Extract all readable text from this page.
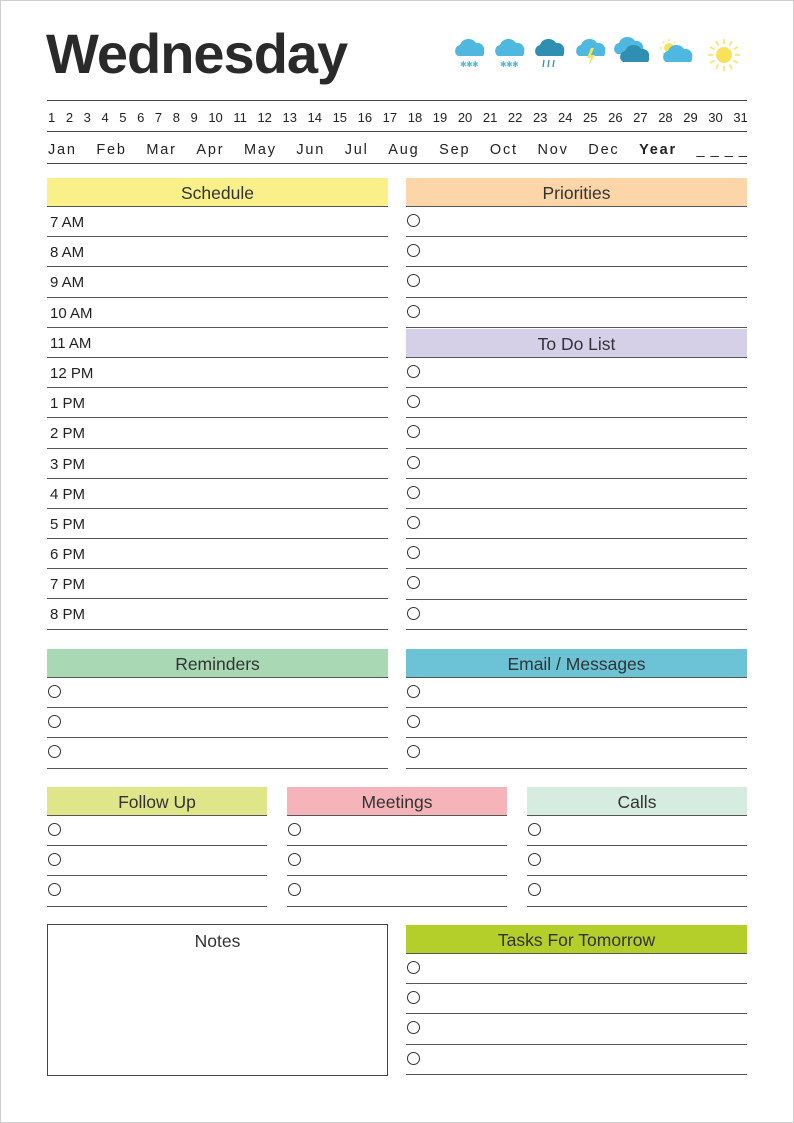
Wednesday	✱ ✱ ✱	✱ ✱ ✱
1 2 3 4 5 6 7 8 9 10 11 12 13 14 15 16 17 18 19 20 21 22 23 24 25 26 27 28 29 30 31
Jan Feb Mar Apr May Jun Jul Aug Sep Oct Nov Dec Year _ _ _ _
Schedule
7 AM
8 AM
9 AM
10 AM
11 AM
12 PM
1 PM
2 PM
3 PM
4 PM
5 PM
6 PM
7 PM
8 PM
Priorities
To Do List
Reminders	Email / Messages
Follow Up	Meetings	Calls
Notes	Tasks For Tomorrow
